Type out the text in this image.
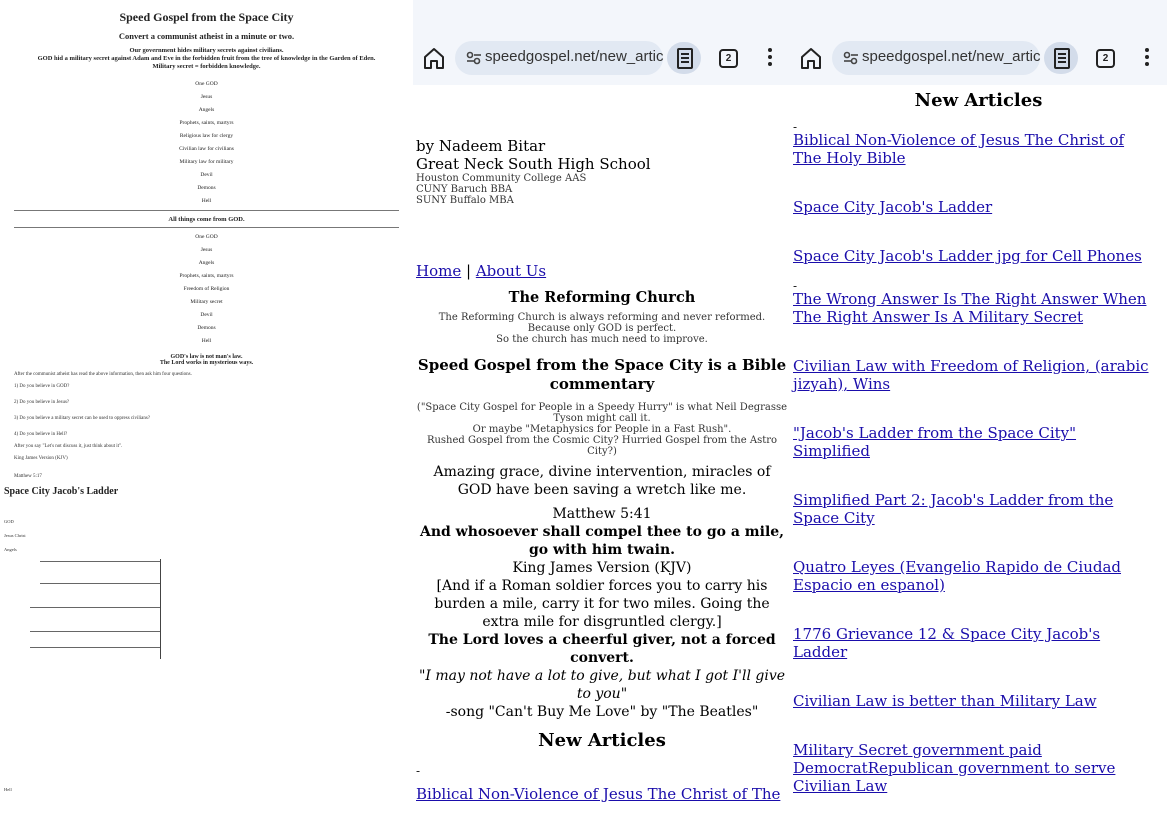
Speed Gospel from the Space City
Convert a communist atheist in a minute or two.
Our government hides military secrets against civilians.
GOD hid a military secret against Adam and Eve in the forbidden fruit from the tree of knowledge in the Garden of Eden.
Military secret = forbidden knowledge.
One GOD
Jesus
Angels
Prophets, saints, martyrs
Religious law for clergy
Civilian law for civilians
Military law for military
Devil
Demons
Hell
All things come from GOD.
One GOD
Jesus
Angels
Prophets, saints, martyrs
Freedom of Religion
Military secret
Devil
Demons
Hell
GOD's law is not man's law.
The Lord works in mysterious ways.
After the communist atheist has read the above information, then ask him four questions.
1) Do you believe in GOD?
2) Do you believe in Jesus?
3) Do you believe a military secret can be used to oppress civilians?
4) Do you believe in Hell?
After you say "Let's not discuss it, just think about it".
King James Version (KJV)
Matthew 5:17
Space City Jacob's Ladder
GOD
Jesus Christ
Angels
Hell
speedgospel.net/new_artic	2
by Nadeem Bitar
Great Neck South High School
Houston Community College AAS
CUNY Baruch BBA
SUNY Buffalo MBA
Home | About Us
The Reforming Church
The Reforming Church is always reforming and never reformed.
Because only GOD is perfect.
So the church has much need to improve.
Speed Gospel from the Space City is a Bible commentary
("Space City Gospel for People in a Speedy Hurry" is what Neil Degrasse Tyson might call it.
Or maybe "Metaphysics for People in a Fast Rush".
Rushed Gospel from the Cosmic City? Hurried Gospel from the Astro City?)
Amazing grace, divine intervention, miracles of GOD have been saving a wretch like me.
Matthew 5:41
And whosoever shall compel thee to go a mile, go with him twain.
King James Version (KJV)
[And if a Roman soldier forces you to carry his burden a mile, carry it for two miles. Going the extra mile for disgruntled clergy.]
The Lord loves a cheerful giver, not a forced convert.
"I may not have a lot to give, but what I got I'll give to you"
-song "Can't Buy Me Love" by "The Beatles"
New Articles
-
Biblical Non-Violence of Jesus The Christ of The
speedgospel.net/new_artic	2
New Articles
-
Biblical Non-Violence of Jesus The Christ of The Holy Bible
Space City Jacob's Ladder
Space City Jacob's Ladder jpg for Cell Phones
-
The Wrong Answer Is The Right Answer When The Right Answer Is A Military Secret
Civilian Law with Freedom of Religion, (arabic jizyah), Wins
"Jacob's Ladder from the Space City" Simplified
Simplified Part 2: Jacob's Ladder from the Space City
Quatro Leyes (Evangelio Rapido de Ciudad Espacio en espanol)
1776 Grievance 12 & Space City Jacob's Ladder
Civilian Law is better than Military Law
Military Secret government paid DemocratRepublican government to serve Civilian Law
